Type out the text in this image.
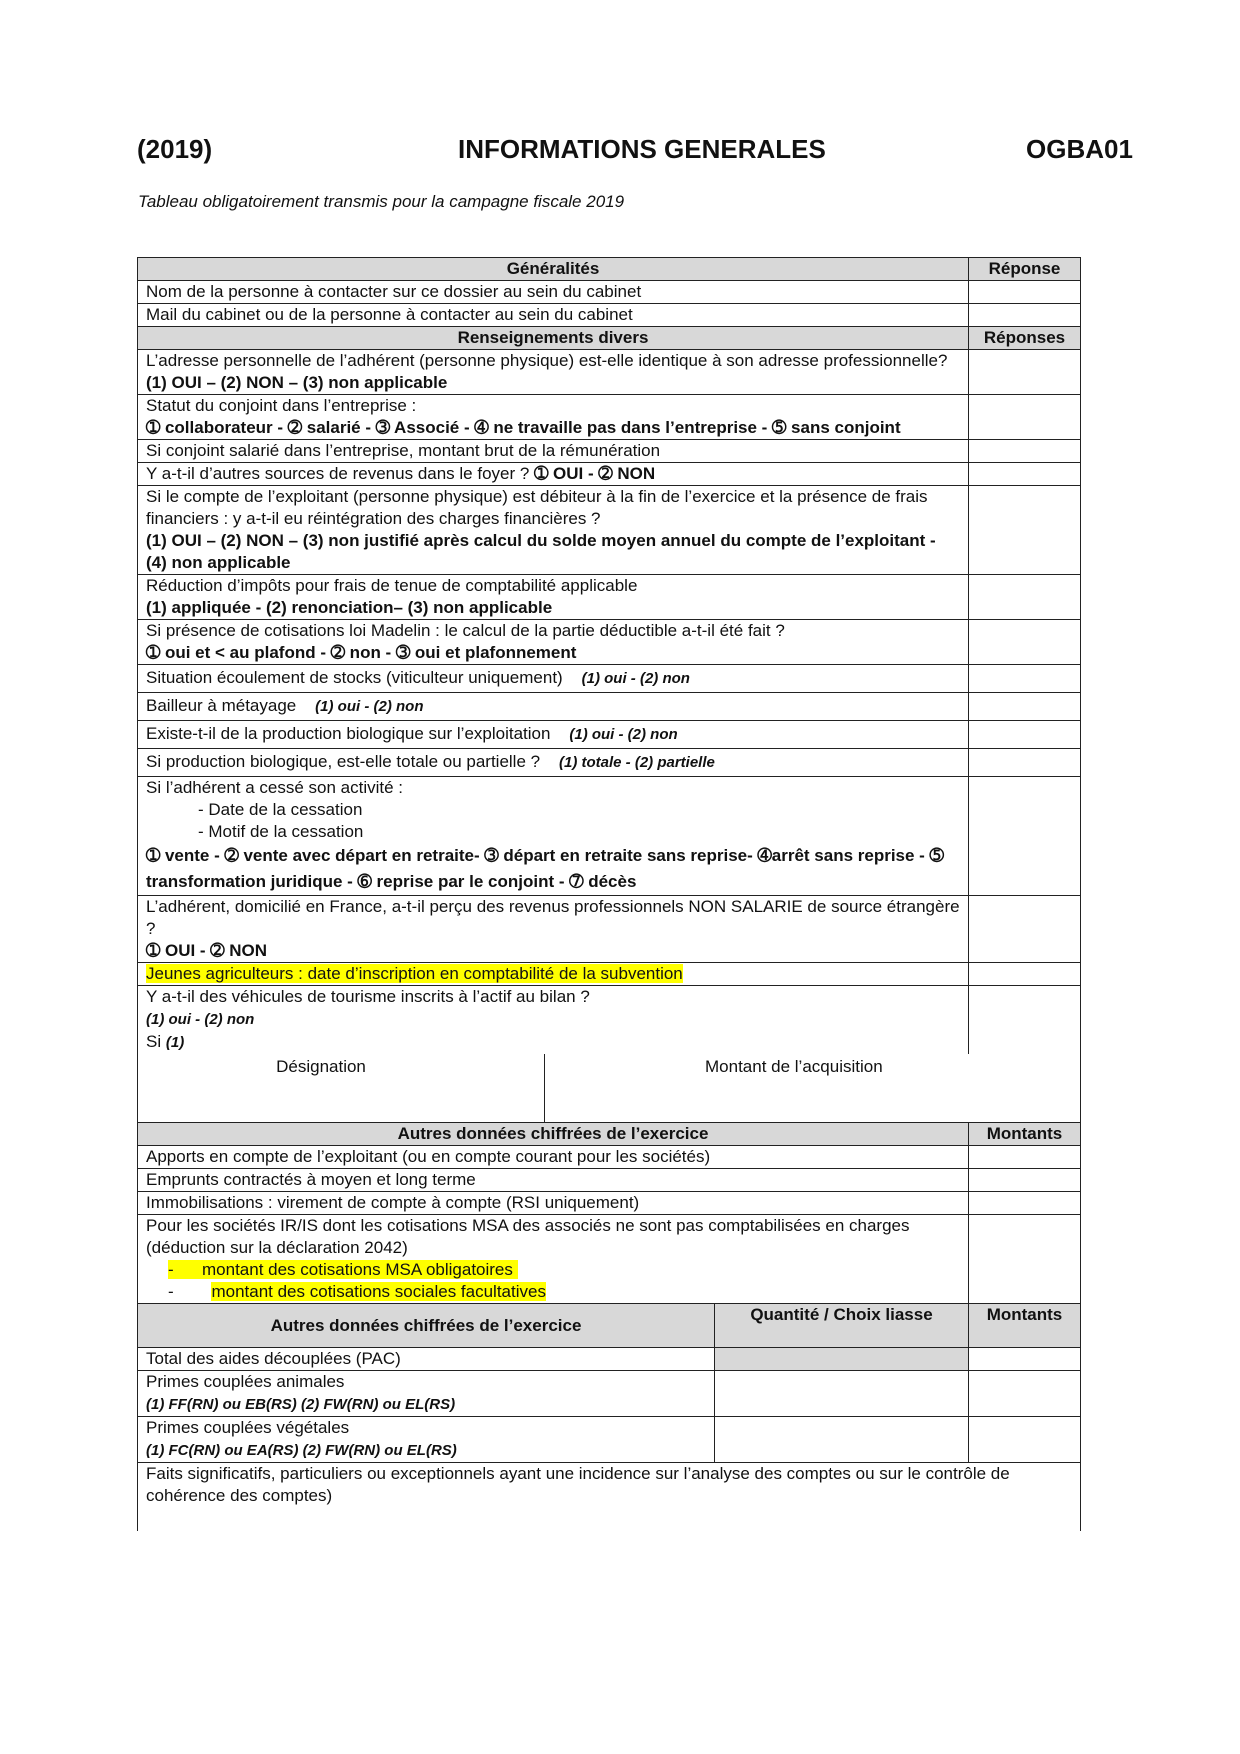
(2019)	INFORMATIONS GENERALES	OGBA01
Tableau obligatoirement transmis pour la campagne fiscale 2019
Généralités		Réponse
Nom de la personne à contacter sur ce dossier au sein du cabinet		
Mail du cabinet ou de la personne à contacter au sein du cabinet		
Renseignements divers		Réponses
L’adresse personnelle de l’adhérent (personne physique) est-elle identique à son adresse professionnelle?
(1) OUI – (2) NON – (3) non applicable		
Statut du conjoint dans l’entreprise :
➀ collaborateur - ➁ salarié - ➂ Associé - ➃ ne travaille pas dans l’entreprise - ➄ sans conjoint		
Si conjoint salarié dans l’entreprise, montant brut de la rémunération		
Y a-t-il d’autres sources de revenus dans le foyer ? ➀ OUI - ➁ NON		
Si le compte de l’exploitant (personne physique) est débiteur à la fin de l’exercice et la présence de frais financiers : y a-t-il eu réintégration des charges financières ?
(1) OUI – (2) NON – (3) non justifié après calcul du solde moyen annuel du compte de l’exploitant - (4) non applicable		
Réduction d’impôts pour frais de tenue de comptabilité applicable
(1) appliquée - (2) renonciation– (3) non applicable		
Si présence de cotisations loi Madelin : le calcul de la partie déductible a-t-il été fait ?
➀ oui et < au plafond - ➁ non - ➂ oui et plafonnement		
Situation écoulement de stocks (viticulteur uniquement) (1) oui - (2) non		
Bailleur à métayage (1) oui - (2) non		
Existe-t-il de la production biologique sur l’exploitation (1) oui - (2) non		
Si production biologique, est-elle totale ou partielle ? (1) totale - (2) partielle		
Si l’adhérent a cessé son activité :

- Date de la cessation
- Motif de la cessation
➀ vente - ➁ vente avec départ en retraite- ➂ départ en retraite sans reprise- ➃arrêt sans reprise - ➄ transformation juridique - ➅ reprise par le conjoint - ➆ décès		
L’adhérent, domicilié en France, a-t-il perçu des revenus professionnels NON SALARIE de source étrangère ?
➀ OUI - ➁ NON		
Jeunes agriculteurs : date d’inscription en comptabilité de la subvention		
Y a-t-il des véhicules de tourisme inscrits à l’actif au bilan ?
(1) oui - (2) non
Si (1)		

Désignation Montant de l’acquisition		

Autres données chiffrées de l’exercice		Montants
Apports en compte de l’exploitant (ou en compte courant pour les sociétés)		
Emprunts contractés à moyen et long terme		
Immobilisations : virement de compte à compte (RSI uniquement)		
Pour les sociétés IR/IS dont les cotisations MSA des associés ne sont pas comptabilisées en charges (déduction sur la déclaration 2042)
-      montant des cotisations MSA obligatoires
-        montant des cotisations sociales facultatives		
Autres données chiffrées de l’exercice	Quantité / Choix liasse	Montants
Total des aides découplées (PAC)		
Primes couplées animales
(1) FF(RN) ou EB(RS) (2) FW(RN) ou EL(RS)		
Primes couplées végétales
(1) FC(RN) ou EA(RS) (2) FW(RN) ou EL(RS)		
Faits significatifs, particuliers ou exceptionnels ayant une incidence sur l’analyse des comptes ou sur le contrôle de cohérence des comptes)		
